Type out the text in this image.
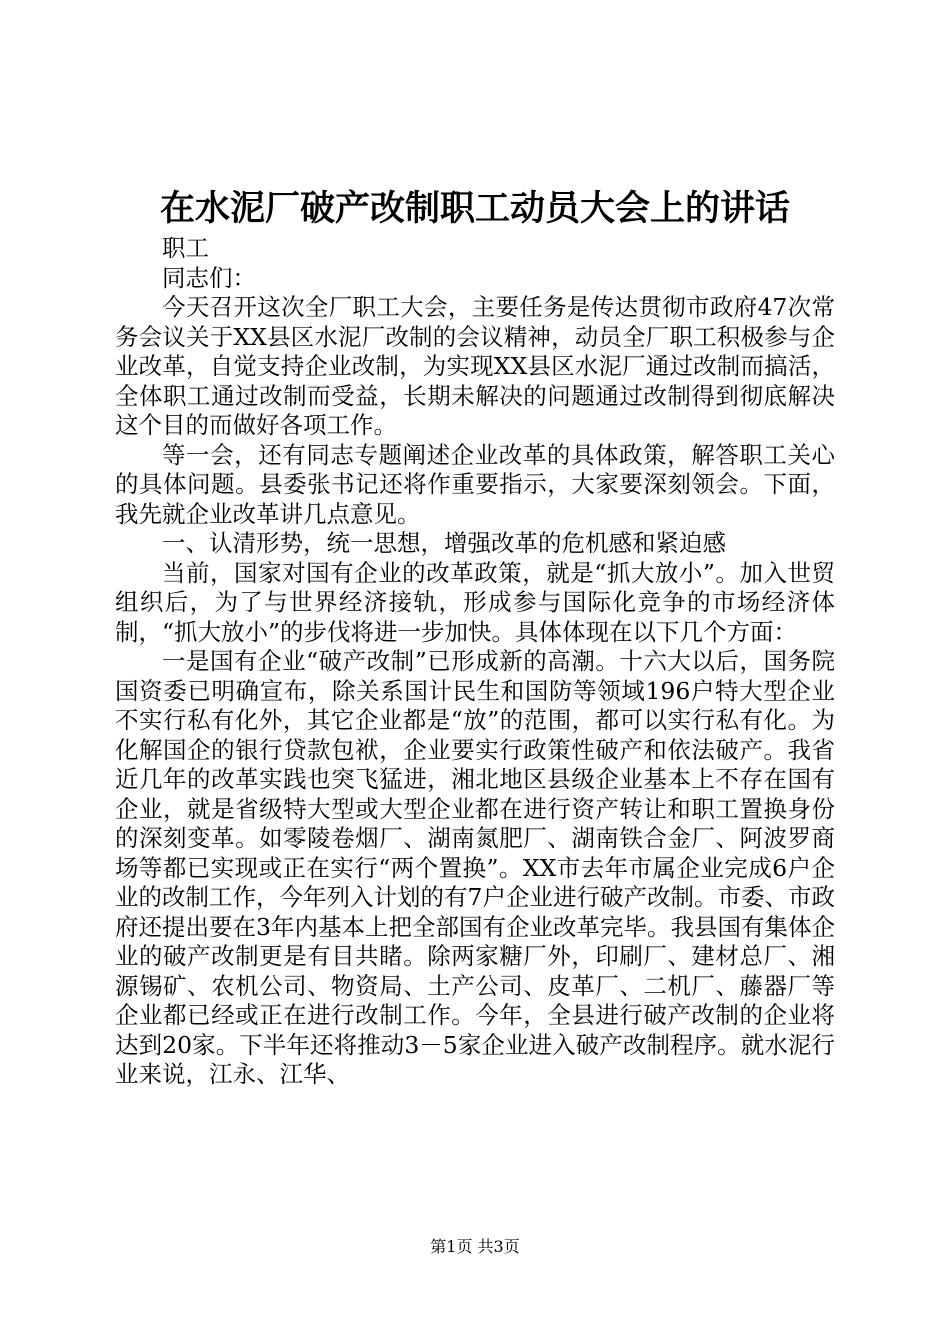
在水泥厂破产改制职工动员大会上的讲话

职工

同志们：

今天召开这次全厂职工大会，主要任务是传达贯彻市政府47次常务会议关于XX县区水泥厂改制的会议精神，动员全厂职工积极参与企业改革，自觉支持企业改制，为实现XX县区水泥厂通过改制而搞活，全体职工通过改制而受益，长期未解决的问题通过改制得到彻底解决这个目的而做好各项工作。

等一会，还有同志专题阐述企业改革的具体政策，解答职工关心的具体问题。县委张书记还将作重要指示，大家要深刻领会。下面，我先就企业改革讲几点意见。

一、认清形势，统一思想，增强改革的危机感和紧迫感

当前，国家对国有企业的改革政策，就是“抓大放小”。加入世贸组织后，为了与世界经济接轨，形成参与国际化竞争的市场经济体制，“抓大放小”的步伐将进一步加快。具体体现在以下几个方面：

一是国有企业“破产改制”已形成新的高潮。十六大以后，国务院国资委已明确宣布，除关系国计民生和国防等领域196户特大型企业不实行私有化外，其它企业都是“放”的范围，都可以实行私有化。为化解国企的银行贷款包袱，企业要实行政策性破产和依法破产。我省近几年的改革实践也突飞猛进，湘北地区县级企业基本上不存在国有企业，就是省级特大型或大型企业都在进行资产转让和职工置换身份的深刻变革。如零陵卷烟厂、湖南氮肥厂、湖南铁合金厂、阿波罗商场等都已实现或正在实行“两个置换”。XX市去年市属企业完成6户企业的改制工作，今年列入计划的有7户企业进行破产改制。市委、市政府还提出要在3年内基本上把全部国有企业改革完毕。我县国有集体企业的破产改制更是有目共睹。除两家糖厂外，印刷厂、建材总厂、湘源锡矿、农机公司、物资局、土产公司、皮革厂、二机厂、藤器厂等企业都已经或正在进行改制工作。今年，全县进行破产改制的企业将达到20家。下半年还将推动3－5家企业进入破产改制程序。就水泥行业来说，江永、江华、

第1页 共3页
